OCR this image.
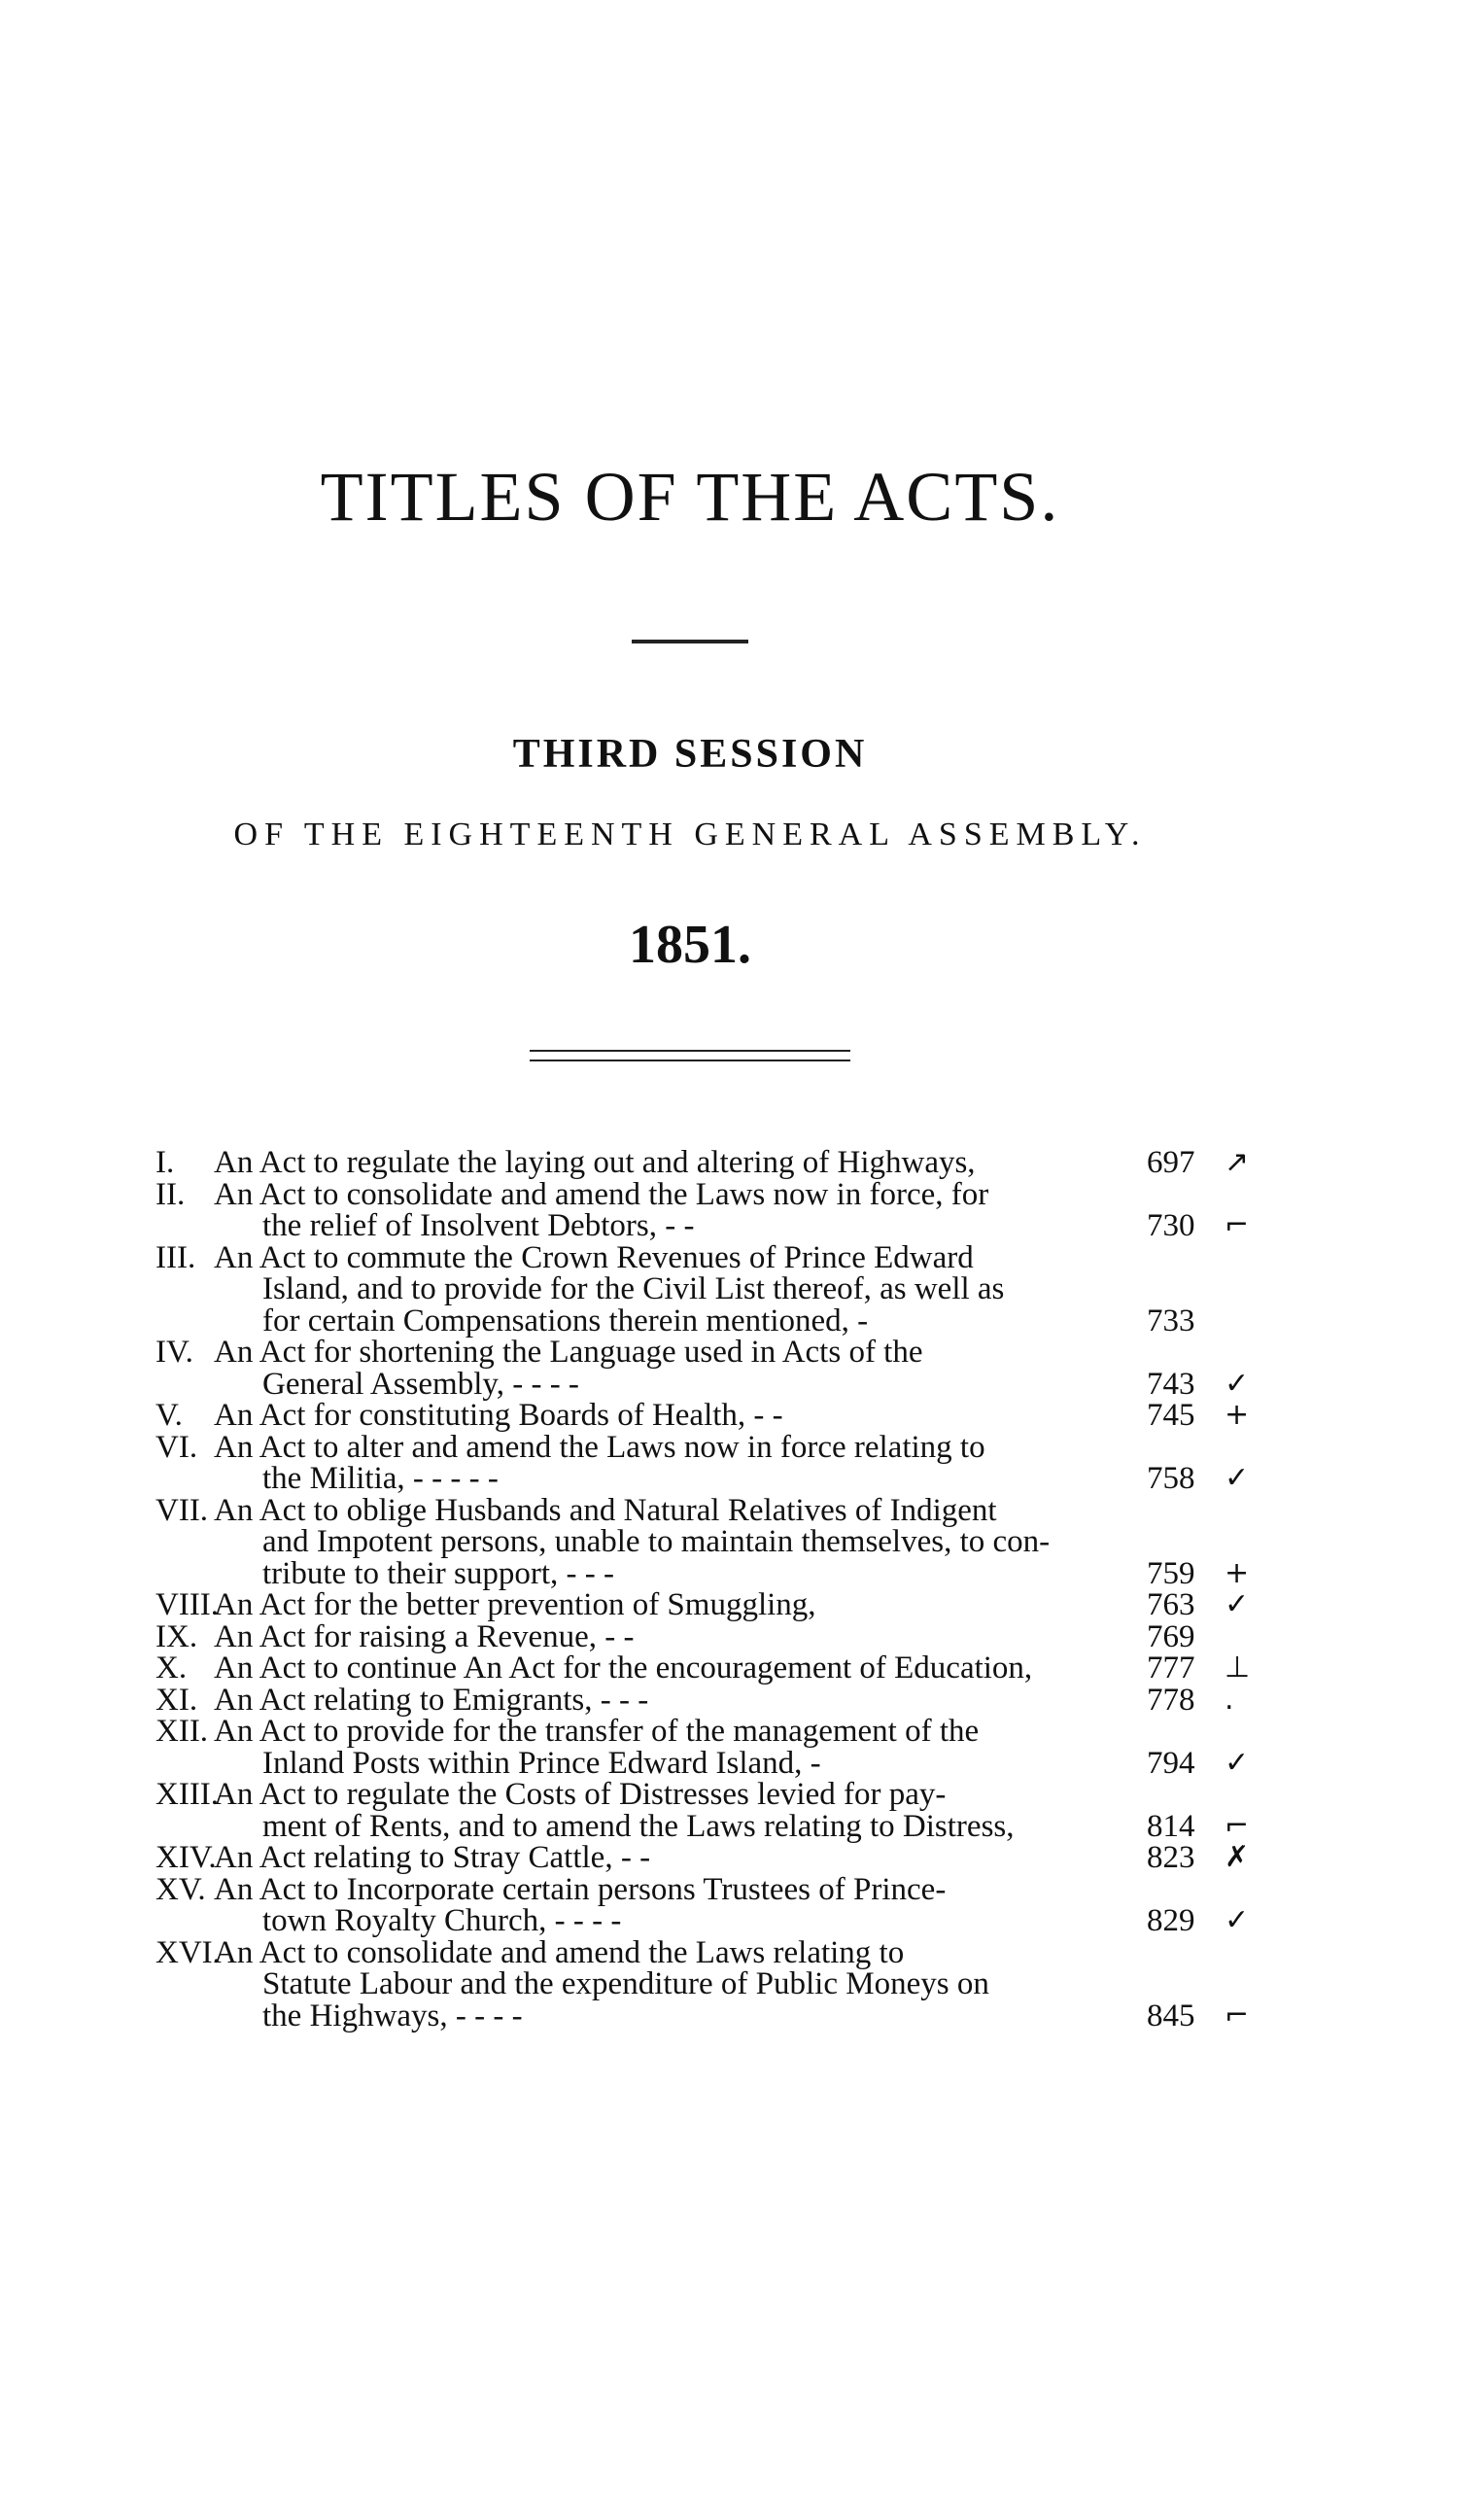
TITLES OF THE ACTS.
THIRD SESSION
OF THE EIGHTEENTH GENERAL ASSEMBLY.
1851.
I. An Act to regulate the laying out and altering of Highways,	697	↗
II. An Act to consolidate and amend the Laws now in force, for
the relief of Insolvent Debtors, - -	730	⌐
III. An Act to commute the Crown Revenues of Prince Edward
Island, and to provide for the Civil List thereof, as well as
for certain Compensations therein mentioned, -	733
IV. An Act for shortening the Language used in Acts of the
General Assembly, - - - -	743	✓
V. An Act for constituting Boards of Health, - -	745	+
VI. An Act to alter and amend the Laws now in force relating to
the Militia, - - - - -	758	✓
VII. An Act to oblige Husbands and Natural Relatives of Indigent
and Impotent persons, unable to maintain themselves, to con-
tribute to their support, - - -	759	+
VIII.An Act for the better prevention of Smuggling,	763	✓
IX. An Act for raising a Revenue, - -	769
X. An Act to continue An Act for the encouragement of Education,	777	⊥
XI. An Act relating to Emigrants, - - -	778	.
XII. An Act to provide for the transfer of the management of the
Inland Posts within Prince Edward Island, -	794	✓
XIII.An Act to regulate the Costs of Distresses levied for pay-
ment of Rents, and to amend the Laws relating to Distress,	814	⌐
XIV.An Act relating to Stray Cattle, - -	823	✗
XV. An Act to Incorporate certain persons Trustees of Prince-
town Royalty Church, - - - -	829	✓
XVI.An Act to consolidate and amend the Laws relating to
Statute Labour and the expenditure of Public Moneys on
the Highways, - - - -	845	⌐
